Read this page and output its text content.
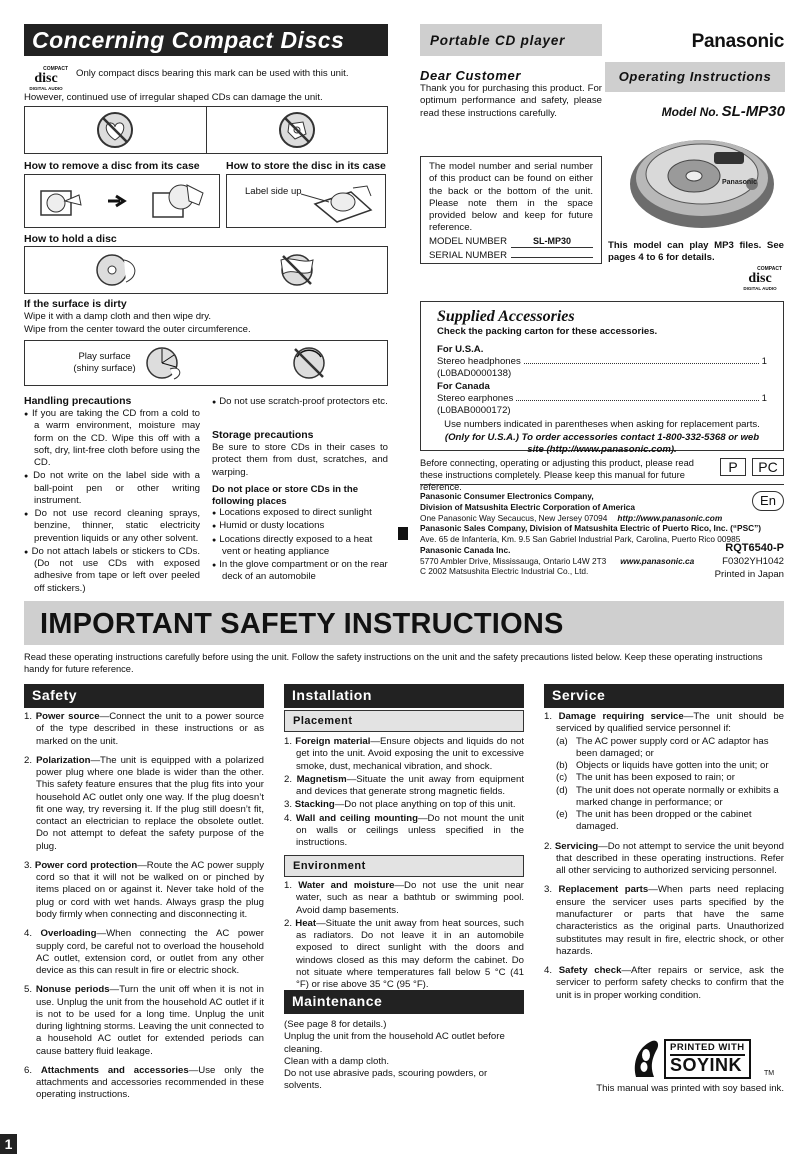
Concerning Compact Discs
COMPACT
disc
DIGITAL AUDIO
Only compact discs bearing this mark can be used with this unit.
However, continued use of irregular shaped CDs can damage the unit.
How to remove a disc from its case	How to store the disc in its case
Label side up
How to hold a disc
If the surface is dirty
Wipe it with a damp cloth and then wipe dry.
Wipe from the center toward the outer circumference.
Play surface
(shiny surface)
Handling precautions
● If you are taking the CD from a cold to a warm environment, moisture may form on the CD. Wipe this off with a soft, dry, lint-free cloth before using the CD.
● Do not write on the label side with a ball-point pen or other writing instrument.
● Do not use record cleaning sprays, benzine, thinner, static electricity prevention liquids or any other solvent.
● Do not attach labels or stickers to CDs. (Do not use CDs with exposed adhesive from tape or left over peeled off stickers.)
● Do not use scratch-proof protectors etc.
Storage precautions
Be sure to store CDs in their cases to protect them from dust, scratches, and warping.
Do not place or store CDs in the following places
● Locations exposed to direct sunlight
● Humid or dusty locations
● Locations directly exposed to a heat vent or heating appliance
● In the glove compartment or on the rear deck of an automobile
Portable CD player	Panasonic
Dear Customer
Thank you for purchasing this product. For optimum performance and safety, please read these instructions carefully.
Operating Instructions
Model No. SL-MP30
The model number and serial number of this product can be found on either the back or the bottom of the unit. Please note them in the space provided below and keep for future reference.
MODEL NUMBER	SL-MP30
SERIAL NUMBER
Panasonic
This model can play MP3 files. See pages 4 to 6 for details.
COMPACT
disc
DIGITAL AUDIO
Supplied Accessories
Check the packing carton for these accessories.
For U.S.A.
Stereo headphones	1
(L0BAD0000138)
For Canada
Stereo earphones	1
(L0BAB0000172)
Use numbers indicated in parentheses when asking for replacement parts.
(Only for U.S.A.) To order accessories contact 1-800-332-5368 or web site (http://www.panasonic.com).
Before connecting, operating or adjusting this product, please read these instructions completely. Please keep this manual for future reference.
P	PC
En
Panasonic Consumer Electronics Company,
Division of Matsushita Electric Corporation of America
One Panasonic Way Secaucus, New Jersey 07094 http://www.panasonic.com
Panasonic Sales Company, Division of Matsushita Electric of Puerto Rico, Inc. (“PSC”)
Ave. 65 de Infantería, Km. 9.5 San Gabriel Industrial Park, Carolina, Puerto Rico 00985
Panasonic Canada Inc.
5770 Ambler Drive, Mississauga, Ontario L4W 2T3 www.panasonic.ca
C 2002 Matsushita Electric Industrial Co., Ltd.
RQT6540-P
F0302YH1042
Printed in Japan
IMPORTANT SAFETY INSTRUCTIONS
Read these operating instructions carefully before using the unit. Follow the safety instructions on the unit and the safety precautions listed below. Keep these operating instructions handy for future reference.
Safety
1. Power source—Connect the unit to a power source of the type described in these instructions or as marked on the unit.
2. Polarization—The unit is equipped with a polarized power plug where one blade is wider than the other. This safety feature ensures that the plug fits into your household AC outlet only one way. If the plug doesn’t fit one way, try reversing it. If the plug still doesn’t fit, contact an electrician to replace the obsolete outlet. Do not attempt to defeat the safety purpose of the plug.
3. Power cord protection—Route the AC power supply cord so that it will not be walked on or pinched by items placed on or against it. Never take hold of the plug or cord with wet hands. Always grasp the plug body firmly when connecting and disconnecting it.
4. Overloading—When connecting the AC power supply cord, be careful not to overload the household AC outlet, extension cord, or outlet from any other device as this can result in fire or electric shock.
5. Nonuse periods—Turn the unit off when it is not in use. Unplug the unit from the household AC outlet if it is not to be used for a long time. Unplug the unit during lightning storms. Leaving the unit connected to a household AC outlet for extended periods can cause battery fluid leakage.
6. Attachments and accessories—Use only the attachments and accessories recommended in these operating instructions.
Installation
Placement
1. Foreign material—Ensure objects and liquids do not get into the unit. Avoid exposing the unit to excessive smoke, dust, mechanical vibration, and shock.
2. Magnetism—Situate the unit away from equipment and devices that generate strong magnetic fields.
3. Stacking—Do not place anything on top of this unit.
4. Wall and ceiling mounting—Do not mount the unit on walls or ceilings unless specified in the instructions.
Environment
1. Water and moisture—Do not use the unit near water, such as near a bathtub or swimming pool. Avoid damp basements.
2. Heat—Situate the unit away from heat sources, such as radiators. Do not leave it in an automobile exposed to direct sunlight with the doors and windows closed as this may deform the cabinet. Do not situate where temperatures fall below 5 °C (41 °F) or rise above 35 °C (95 °F).
Maintenance
(See page 8 for details.)
Unplug the unit from the household AC outlet before cleaning.
Clean with a damp cloth.
Do not use abrasive pads, scouring powders, or solvents.
Service
1. Damage requiring service—The unit should be serviced by qualified service personnel if:
(a) The AC power supply cord or AC adaptor has been damaged; or
(b) Objects or liquids have gotten into the unit; or
(c) The unit has been exposed to rain; or
(d) The unit does not operate normally or exhibits a marked change in performance; or
(e) The unit has been dropped or the cabinet damaged.
2. Servicing—Do not attempt to service the unit beyond that described in these operating instructions. Refer all other servicing to authorized servicing personnel.
3. Replacement parts—When parts need replacing ensure the servicer uses parts specified by the manufacturer or parts that have the same characteristics as the original parts. Unauthorized substitutes may result in fire, electric shock, or other hazards.
4. Safety check—After repairs or service, ask the servicer to perform safety checks to confirm that the unit is in proper working condition.
PRINTED WITH
SOYINK	TM
This manual was printed with soy based ink.
1
